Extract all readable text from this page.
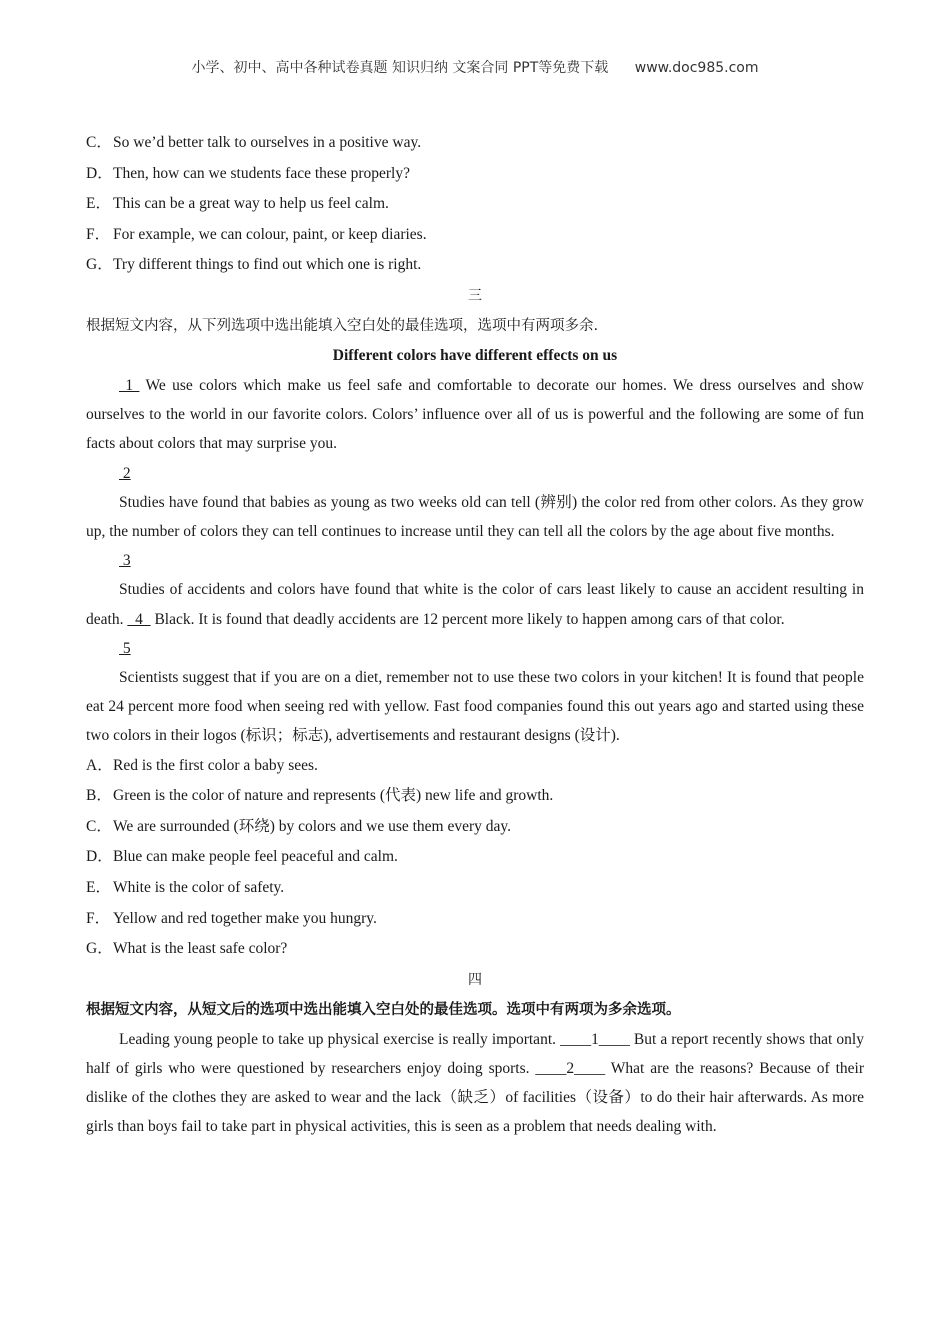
小学、初中、高中各种试卷真题 知识归纳 文案合同 PPT等免费下载 www.doc985.com

C．So we’d better talk to ourselves in a positive way.

D．Then, how can we students face these properly?

E． This can be a great way to help us feel calm.

F． For example, we can colour, paint, or keep diaries.

G．Try different things to find out which one is right.

三

根据短文内容，从下列选项中选出能填入空白处的最佳选项，选项中有两项多余.

Different colors have different effects on us

1  We use colors which make us feel safe and comfortable to decorate our homes. We dress ourselves and show ourselves to the world in our favorite colors. Colors’ influence over all of us is powerful and the following are some of fun facts about colors that may surprise you.

2

Studies have found that babies as young as two weeks old can tell (辨别) the color red from other colors. As they grow up, the number of colors they can tell continues to increase until they can tell all the colors by the age about five months.

3

Studies of accidents and colors have found that white is the color of cars least likely to cause an accident resulting in death.   4   Black. It is found that deadly accidents are 12 percent more likely to happen among cars of that color.

5

Scientists suggest that if you are on a diet, remember not to use these two colors in your kitchen! It is found that people eat 24 percent more food when seeing red with yellow. Fast food companies found this out years ago and started using these two colors in their logos (标识；标志), advertisements and restaurant designs (设计).

A．Red is the first color a baby sees.

B．Green is the color of nature and represents (代表) new life and growth.

C．We are surrounded (环绕) by colors and we use them every day.

D．Blue can make people feel peaceful and calm.

E． White is the color of safety.

F． Yellow and red together make you hungry.

G．What is the least safe color?

四

根据短文内容，从短文后的选项中选出能填入空白处的最佳选项。选项中有两项为多余选项。

Leading young people to take up physical exercise is really important. ____1____ But a report recently shows that only half of girls who were questioned by researchers enjoy doing sports. ____2____ What are the reasons? Because of their dislike of the clothes they are asked to wear and the lack（缺乏）of facilities（设备）to do their hair afterwards. As more girls than boys fail to take part in physical activities, this is seen as a problem that needs dealing with.
